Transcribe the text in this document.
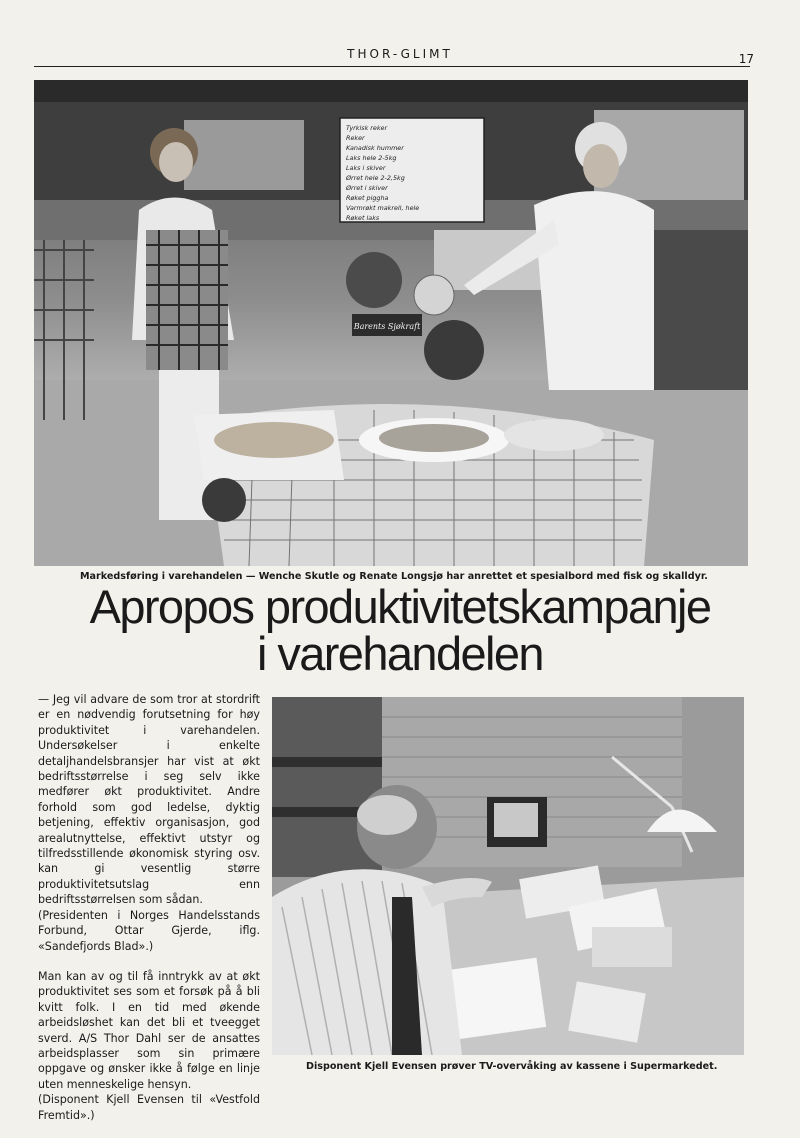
THOR-GLIMT	17
Tyrkisk reker
Reker
Kanadisk hummer
Laks hele 2-5kg
Laks i skiver
Ørret hele 2-2,5kg
Ørret i skiver
Røket piggha
Varmrøkt makrell, hele
Røket laks
Barents Sjøkraft
Markedsføring i varehandelen — Wenche Skutle og Renate Longsjø har anrettet et spesialbord med fisk og skalldyr.
Apropos produktivitetskampanje
i varehandelen

— Jeg vil advare de som tror at stordrift er en nødvendig forutsetning for høy produktivitet i varehandelen. Undersøkelser i enkelte detaljhandelsbransjer har vist at økt bedriftsstørrelse i seg selv ikke medfører økt produktivitet. Andre forhold som god ledelse, dyktig betjening, effektiv organisasjon, god arealutnyttelse, effektivt utstyr og tilfredsstillende økonomisk styring osv. kan gi vesentlig større produktivitetsutslag enn bedriftsstørrelsen som sådan.

(Presidenten i Norges Handelsstands Forbund, Ottar Gjerde, iflg. «Sandefjords Blad».)

Man kan av og til få inntrykk av at økt produktivitet ses som et forsøk på å bli kvitt folk. I en tid med økende arbeidsløshet kan det bli et tveegget sverd. A/S Thor Dahl ser de ansattes arbeidsplasser som sin primære oppgave og ønsker ikke å følge en linje uten menneskelige hensyn.

(Disponent Kjell Evensen til «Vestfold Fremtid».)

Disponent Kjell Evensen prøver TV-overvåking av kassene i Supermarkedet.
